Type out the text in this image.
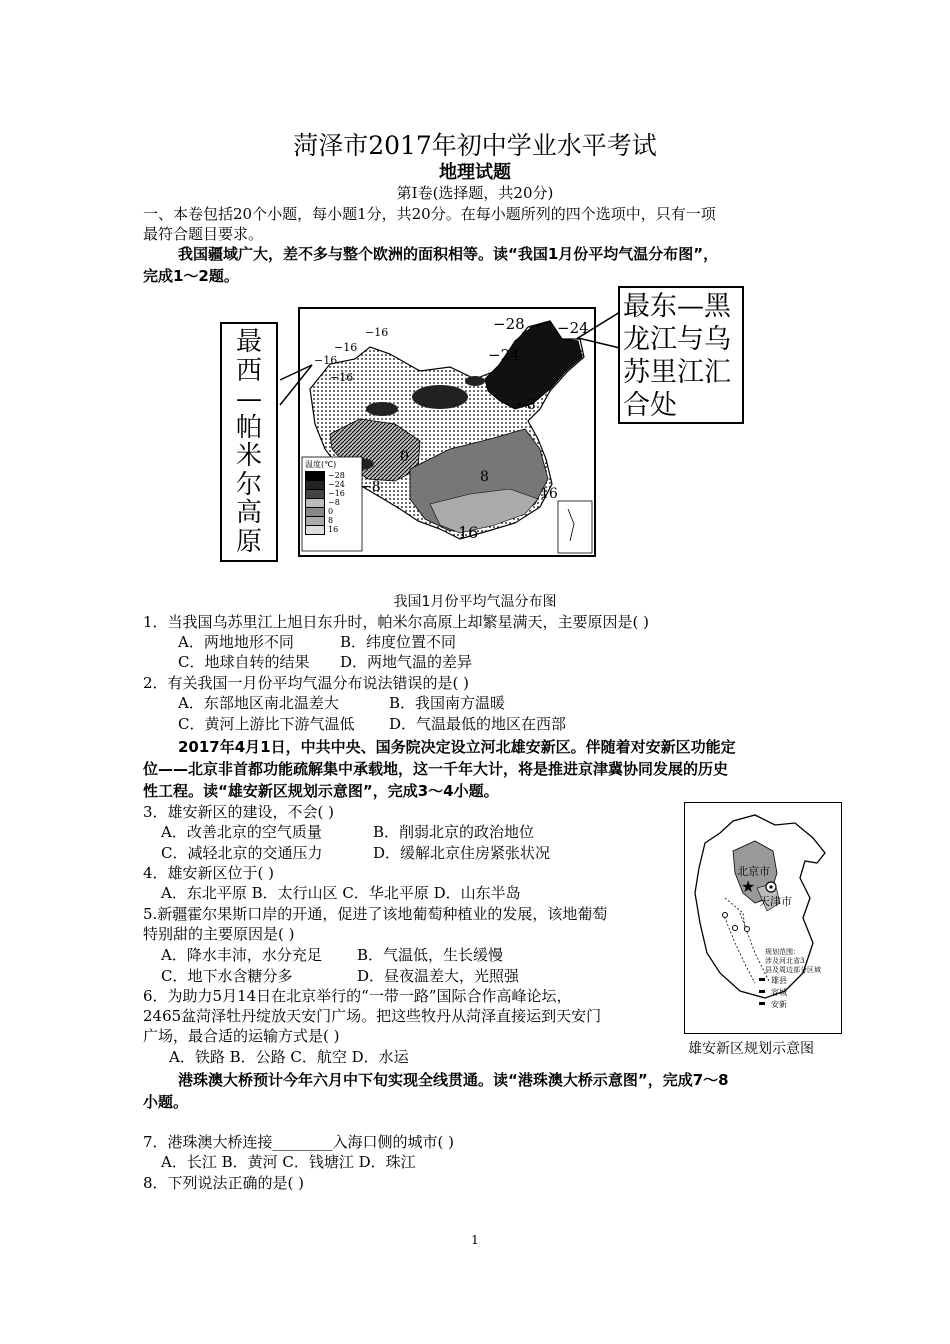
菏泽市2017年初中学业水平考试
地理试题
第Ⅰ卷(选择题，共20分)
一、本卷包括20个小题，每小题1分，共20分。在每小题所列的四个选项中，只有一项
最符合题目要求。
我国疆域广大，差不多与整个欧洲的面积相等。读“我国1月份平均气温分布图”，
完成1～2题。
最
西
—
帕
米
尔
高
原
−16
−16
−16
−16
−28 −24
−24
−8
−8
0
8
16
16
温度(℃)
−28
−24
−16
−8
0
8
16
最东—黑
龙江与乌
苏里江汇
合处
我国1月份平均气温分布图
1．当我国乌苏里江上旭日东升时，帕米尔高原上却繁星满天，主要原因是( )
A．两地地形不同	B．纬度位置不同
C．地球自转的结果 D．两地气温的差异
2．有关我国一月份平均气温分布说法错误的是( )
A．东部地区南北温差大	B．我国南方温暖
C．黄河上游比下游气温低 D．气温最低的地区在西部
2017年4月1日，中共中央、国务院决定设立河北雄安新区。伴随着对安新区功能定
位——北京非首都功能疏解集中承载地，这一千年大计，将是推进京津冀协同发展的历史
性工程。读“雄安新区规划示意图”，完成3～4小题。
3．雄安新区的建设，不会( )
A．改善北京的空气质量	B．削弱北京的政治地位
C．减轻北京的交通压力	D．缓解北京住房紧张状况
4．雄安新区位于( )
A．东北平原 B．太行山区 C．华北平原 D．山东半岛
5.新疆霍尔果斯口岸的开通，促进了该地葡萄种植业的发展，该地葡萄
特别甜的主要原因是( )
A．降水丰沛，水分充足 B．气温低，生长缓慢
C．地下水含糖分多	D．昼夜温差大，光照强
6．为助力5月14日在北京举行的“一带一路”国际合作高峰论坛，
2465盆菏泽牡丹绽放天安门广场。把这些牧丹从菏泽直接运到天安门
广场，最合适的运输方式是( )
A．铁路 B．公路 C．航空 D．水运
★
北京市
天津市
规划范围：
涉及河北省3
县及周边部分区域
雄县
容城
安新
雄安新区规划示意图
港珠澳大桥预计今年六月中下旬实现全线贯通。读“港珠澳大桥示意图”，完成7～8
小题。
7．港珠澳大桥连接________入海口侧的城市( )
A．长江 B．黄河 C．钱塘江 D．珠江
8．下列说法正确的是( )
1
